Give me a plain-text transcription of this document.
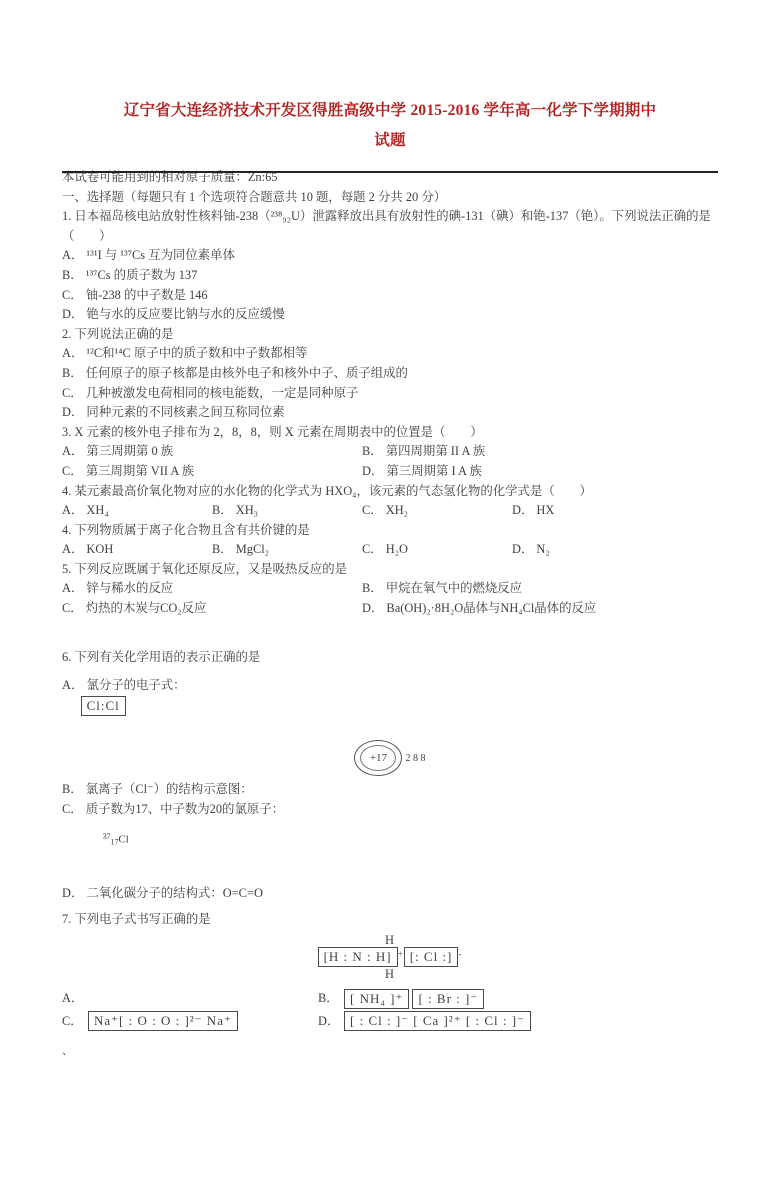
辽宁省大连经济技术开发区得胜高级中学 2015-2016 学年高一化学下学期期中
试题

本试卷可能用到的相对原子质量：Zn:65

一、选择题（每题只有 1 个选项符合题意共 10 题，每题 2 分共 20 分）

1. 日本福岛核电站放射性核料铀-238（²³⁸₉₂U）泄露释放出具有放射性的碘-131（碘）和铯-137（铯）。下列说法正确的是（        ）

A． ¹³¹I 与 ¹³⁷Cs 互为同位素单体

B． ¹³⁷Cs 的质子数为 137

C． 铀-238 的中子数是 146

D． 铯与水的反应要比钠与水的反应缓慢

2. 下列说法正确的是

A． ¹²C和¹⁴C 原子中的质子数和中子数都相等

B． 任何原子的原子核都是由核外电子和核外中子、质子组成的

C． 几种被激发电荷相同的核电能数，一定是同种原子

D． 同种元素的不同核素之间互称同位素

3. X 元素的核外电子排布为 2，8，8，则 X 元素在周期表中的位置是（        ）

A． 第三周期第 0 族	B． 第四周期第 II A 族
C． 第三周期第 VII A 族	D． 第三周期第 I A 族

4. 某元素最高价氧化物对应的水化物的化学式为 HXO₄，该元素的气态氢化物的化学式是（        ）

A． XH₄	B． XH₃	C． XH₂	D． HX

4. 下列物质属于离子化合物且含有共价键的是

A． KOH	B． MgCl₂	C． H₂O	D． N₂

5. 下列反应既属于氧化还原反应，又是吸热反应的是

A． 锌与稀水的反应	B． 甲烷在氧气中的燃烧反应
C． 灼热的木炭与CO₂反应	D． Ba(OH)₂·8H₂O晶体与NH₄Cl晶体的反应

6. 下列有关化学用语的表示正确的是

A． 氯分子的电子式：
Cl:Cl

+17 2 8 8

B． 氯离子（Cl⁻）的结构示意图：

C． 质子数为17、中子数为20的氯原子：

$^{37}_{17}$Cl

D． 二氧化碳分子的结构式：O=C=O

7. 下列电子式书写正确的是

H
[H : N : H] + [: Cl :] -
H
A．	B． [ NH₄ ]⁺ [ : Br : ]⁻
C． Na⁺[ : O : O : ]²⁻ Na⁺	D． [ : Cl : ]⁻ [ Ca ]²⁺ [ : Cl : ]⁻

、
